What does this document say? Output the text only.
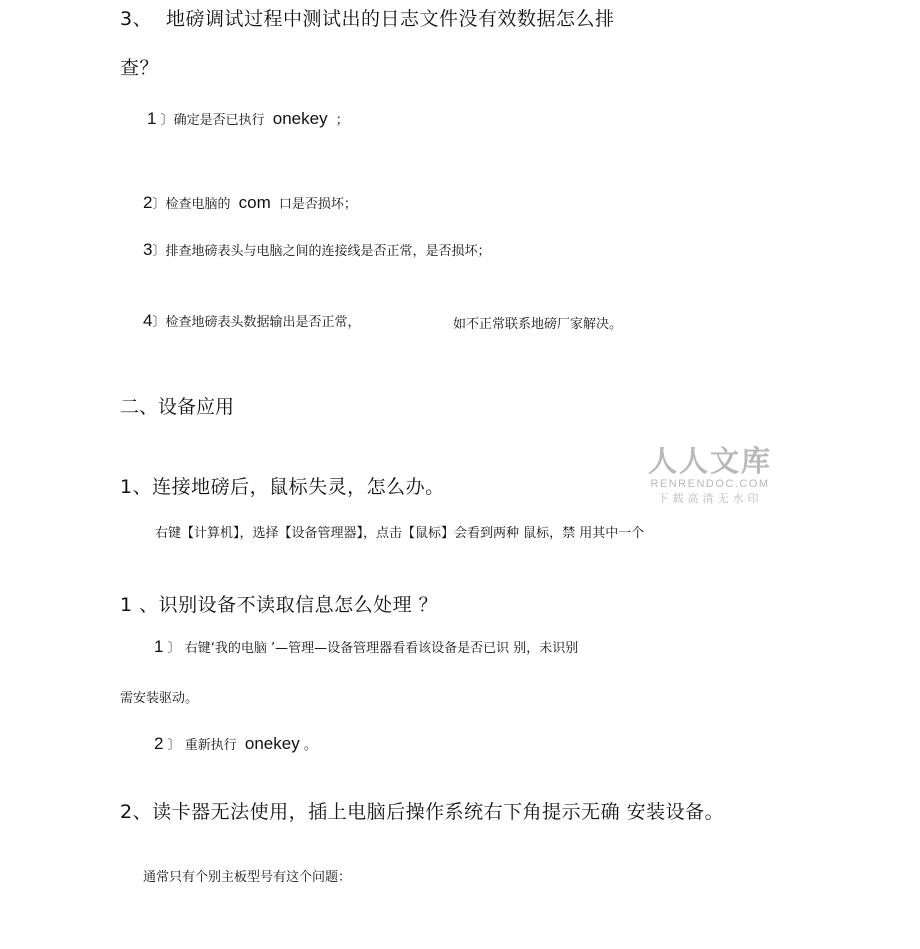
3、 地磅调试过程中测试出的日志文件没有效数据怎么排
查？
1 〕确定是否已执行 onekey ；
2〕检查电脑的 com 口是否损坏；
3〕排查地磅表头与电脑之间的连接线是否正常，是否损坏；
4〕检查地磅表头数据输出是否正常，	如不正常联系地磅厂家解决。
二、设备应用
人人文库
RENRENDOC.COM
下载高清无水印
1、连接地磅后，鼠标失灵，怎么办。
右键【计算机】，选择【设备管理器】，点击【鼠标】会看到两种 鼠标，禁 用其中一个
1 、识别设备不读取信息怎么处理 ？
1 〕 右键‘我的电脑 ’—管理—设备管理器看看该设备是否已识 别，未识别
需安装驱动。
2 〕 重新执行 onekey 。
2、读卡器无法使用，插上电脑后操作系统右下角提示无确 安装设备。
通常只有个别主板型号有这个问题：
